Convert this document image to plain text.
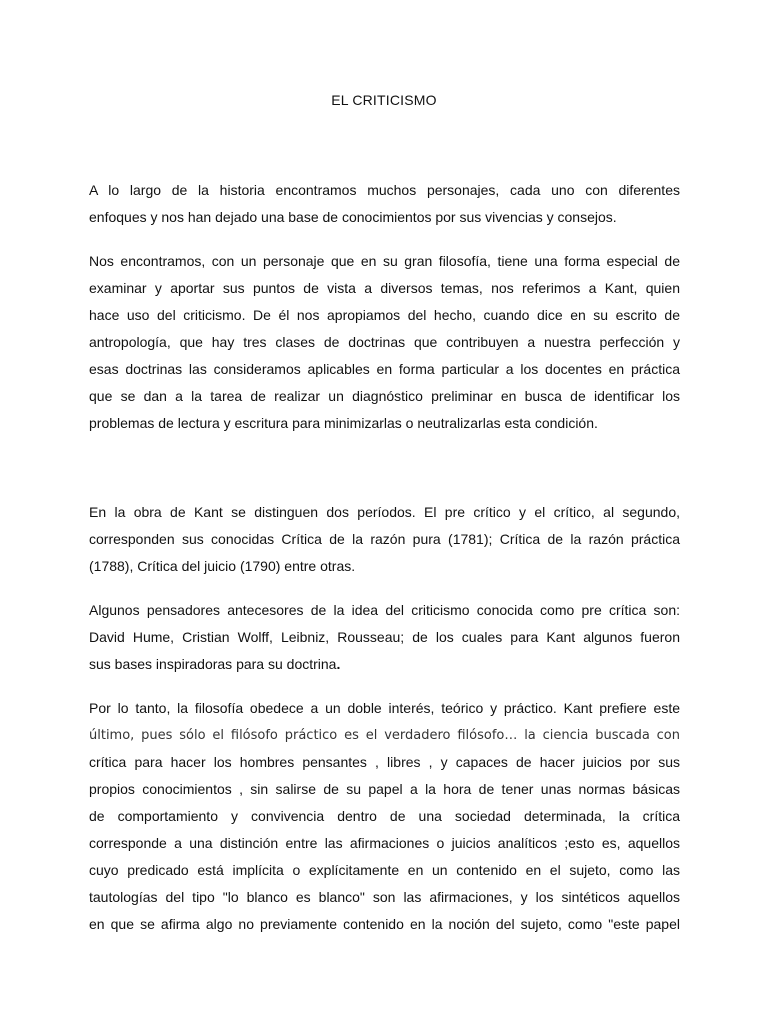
EL CRITICISMO
A lo largo de la historia encontramos muchos personajes, cada uno con diferentes
enfoques y nos han dejado una base de conocimientos por sus vivencias y consejos.
Nos encontramos, con un personaje que en su gran filosofía, tiene una forma especial de
examinar y aportar sus puntos de vista a diversos temas, nos referimos a Kant, quien
hace uso del criticismo. De él nos apropiamos del hecho, cuando dice en su escrito de
antropología, que hay tres clases de doctrinas que contribuyen a nuestra perfección y
esas doctrinas las consideramos aplicables en forma particular a los docentes en práctica
que se dan a la tarea de realizar un diagnóstico preliminar en busca de identificar los
problemas de lectura y escritura para minimizarlas o neutralizarlas esta condición.
En la obra de Kant se distinguen dos períodos. El pre crítico y el crítico, al segundo,
corresponden sus conocidas Crítica de la razón pura (1781); Crítica de la razón práctica
(1788), Crítica del juicio (1790) entre otras.
Algunos pensadores antecesores de la idea del criticismo conocida como pre crítica son:
David Hume, Cristian Wolff, Leibniz, Rousseau; de los cuales para Kant algunos fueron
sus bases inspiradoras para su doctrina.
Por lo tanto, la filosofía obedece a un doble interés, teórico y práctico. Kant prefiere este
último, pues sólo el filósofo práctico es el verdadero filósofo… la ciencia buscada con
crítica para hacer los hombres pensantes , libres , y capaces de hacer juicios por sus
propios conocimientos , sin salirse de su papel a la hora de tener unas normas básicas
de comportamiento y convivencia dentro de una sociedad determinada, la crítica
corresponde a una distinción entre las afirmaciones o juicios analíticos ;esto es, aquellos
cuyo predicado está implícita o explícitamente en un contenido en el sujeto, como las
tautologías del tipo "lo blanco es blanco" son las afirmaciones, y los sintéticos aquellos
en que se afirma algo no previamente contenido en la noción del sujeto, como "este papel
